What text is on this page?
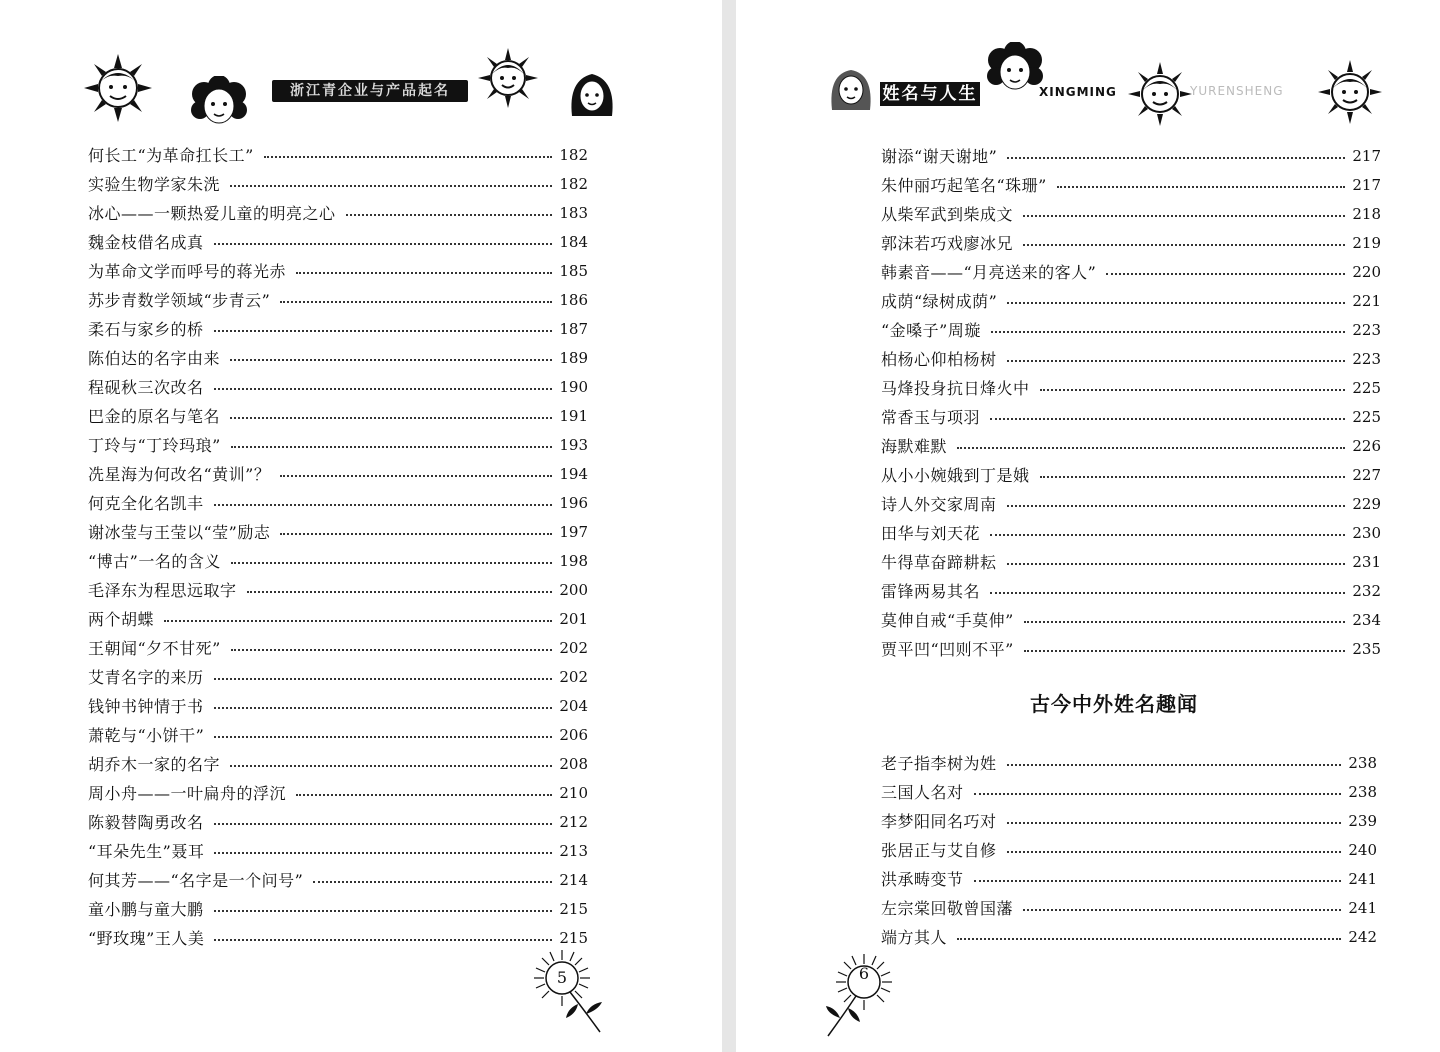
浙江青企业与产品起名
何长工“为革命扛长工”	182
实验生物学家朱洗	182
冰心——一颗热爱儿童的明亮之心	183
魏金枝借名成真	184
为革命文学而呼号的蒋光赤	185
苏步青数学领域“步青云”	186
柔石与家乡的桥	187
陈伯达的名字由来	189
程砚秋三次改名	190
巴金的原名与笔名	191
丁玲与“丁玲玛琅”	193
冼星海为何改名“黄训”？	194
何克全化名凯丰	196
谢冰莹与王莹以“莹”励志	197
“博古”一名的含义	198
毛泽东为程思远取字	200
两个胡蝶	201
王朝闻“夕不甘死”	202
艾青名字的来历	202
钱钟书钟情于书	204
萧乾与“小饼干”	206
胡乔木一家的名字	208
周小舟——一叶扁舟的浮沉	210
陈毅替陶勇改名	212
“耳朵先生”聂耳	213
何其芳——“名字是一个问号”	214
童小鹏与童大鹏	215
“野玫瑰”王人美	215
5
姓名与人生	XINGMING	YURENSHENG
谢添“谢天谢地”	217
朱仲丽巧起笔名“珠珊”	217
从柴军武到柴成文	218
郭沫若巧戏廖冰兄	219
韩素音——“月亮送来的客人”	220
成荫“绿树成荫”	221
“金嗓子”周璇	223
柏杨心仰柏杨树	223
马烽投身抗日烽火中	225
常香玉与项羽	225
海默难默	226
从小小婉娥到丁是娥	227
诗人外交家周南	229
田华与刘天花	230
牛得草奋蹄耕耘	231
雷锋两易其名	232
莫伸自戒“手莫伸”	234
贾平凹“凹则不平”	235
古今中外姓名趣闻
老子指李树为姓	238
三国人名对	238
李梦阳同名巧对	239
张居正与艾自修	240
洪承畴变节	241
左宗棠回敬曾国藩	241
端方其人	242
6
